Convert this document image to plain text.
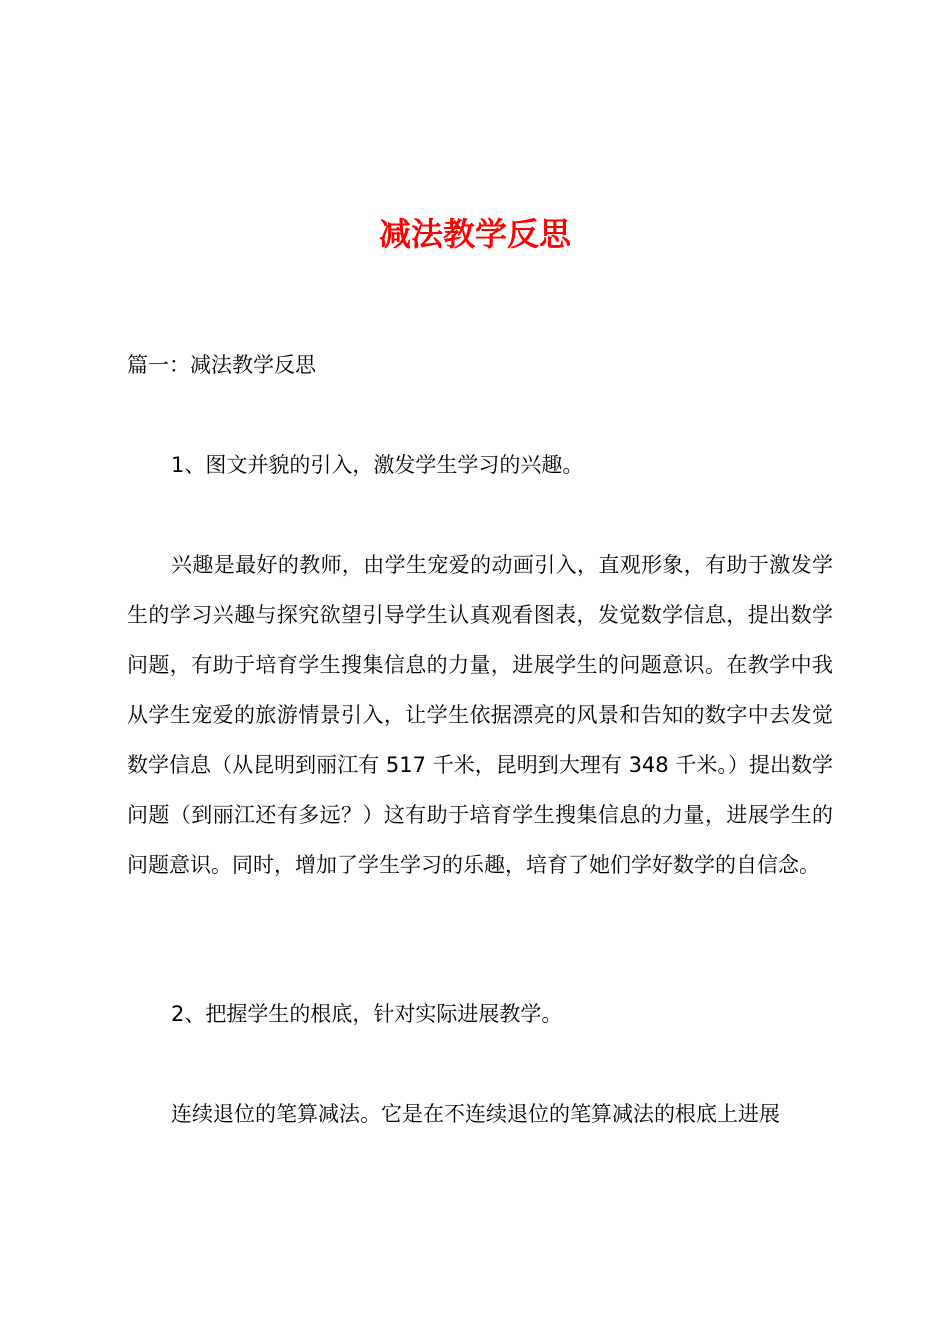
减法教学反思

篇一：减法教学反思

1、图文并貌的引入，激发学生学习的兴趣。

兴趣是最好的教师，由学生宠爱的动画引入，直观形象，有助于激发学生的学习兴趣与探究欲望引导学生认真观看图表，发觉数学信息，提出数学问题，有助于培育学生搜集信息的力量，进展学生的问题意识。在教学中我从学生宠爱的旅游情景引入，让学生依据漂亮的风景和告知的数字中去发觉数学信息（从昆明到丽江有 517 千米，昆明到大理有 348 千米。）提出数学问题（到丽江还有多远？）这有助于培育学生搜集信息的力量，进展学生的问题意识。同时，增加了学生学习的乐趣，培育了她们学好数学的自信念。

2、把握学生的根底，针对实际进展教学。

连续退位的笔算减法。它是在不连续退位的笔算减法的根底上进展
